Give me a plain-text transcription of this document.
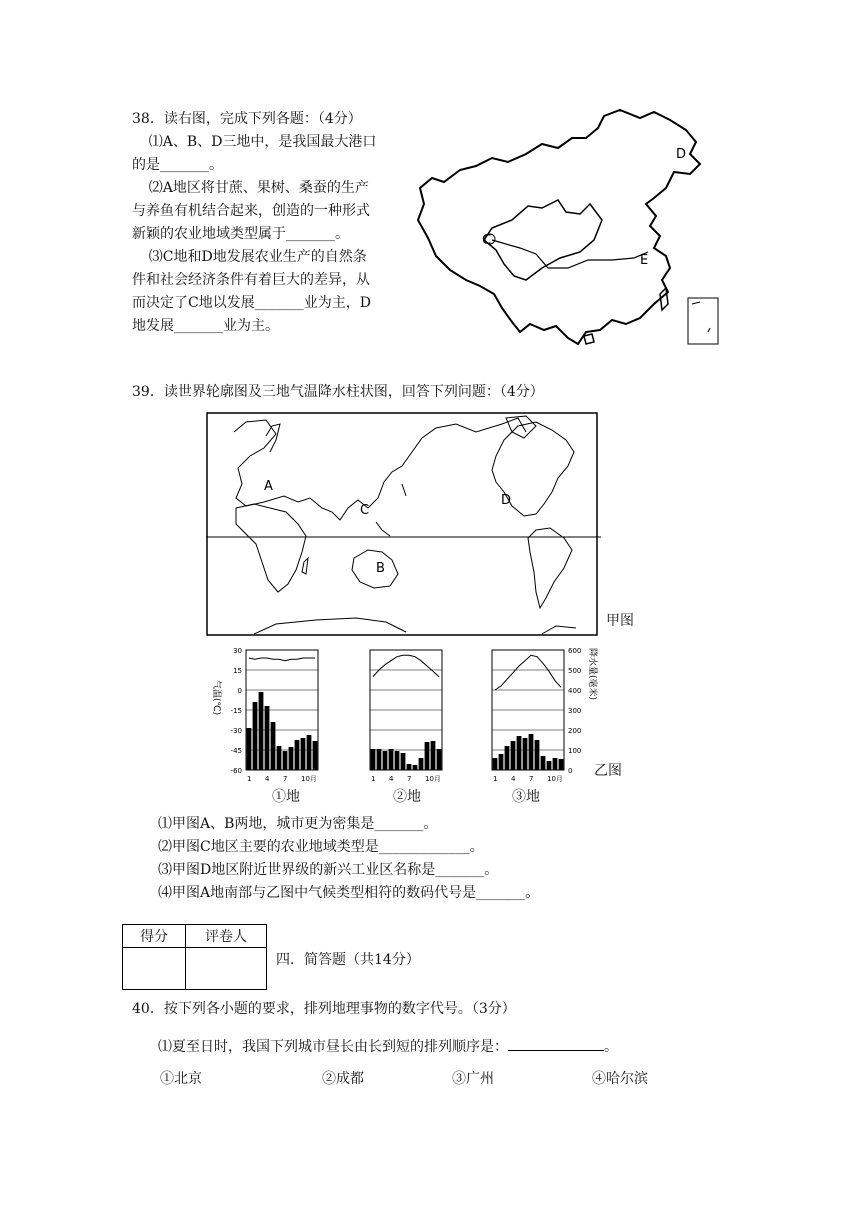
38．读右图，完成下列各题：（4分）
⑴A、B、D三地中，是我国最大港口
的是_______。
⑵A地区将甘蔗、果树、桑蚕的生产
与养鱼有机结合起来，创造的一种形式
新颖的农业地域类型属于_______。
⑶C地和D地发展农业生产的自然条
件和社会经济条件有着巨大的差异，从
而决定了C地以发展_______业为主，D
地发展_______业为主。
C
D
E
39．读世界轮廓图及三地气温降水柱状图，回答下列问题：（4分）
A
C
D
B
甲图
1 4 7 10月
30
15
0
-15
-30
-45
-60
1 4 7 10月	1 4 7 10月
600
500
400
300
200
100
0
气温(℃)	降水量(毫米)
乙图
①地	②地	③地
⑴甲图A、B两地，城市更为密集是_______。
⑵甲图C地区主要的农业地域类型是_____________。
⑶甲图D地区附近世界级的新兴工业区名称是_______。
⑷甲图A地南部与乙图中气候类型相符的数码代号是_______。
得分	评卷人

四．简答题（共14分）
40．按下列各小题的要求，排列地理事物的数字代号。（3分）
⑴夏至日时，我国下列城市昼长由长到短的排列顺序是：	。
①北京	②成都	③广州	④哈尔滨
